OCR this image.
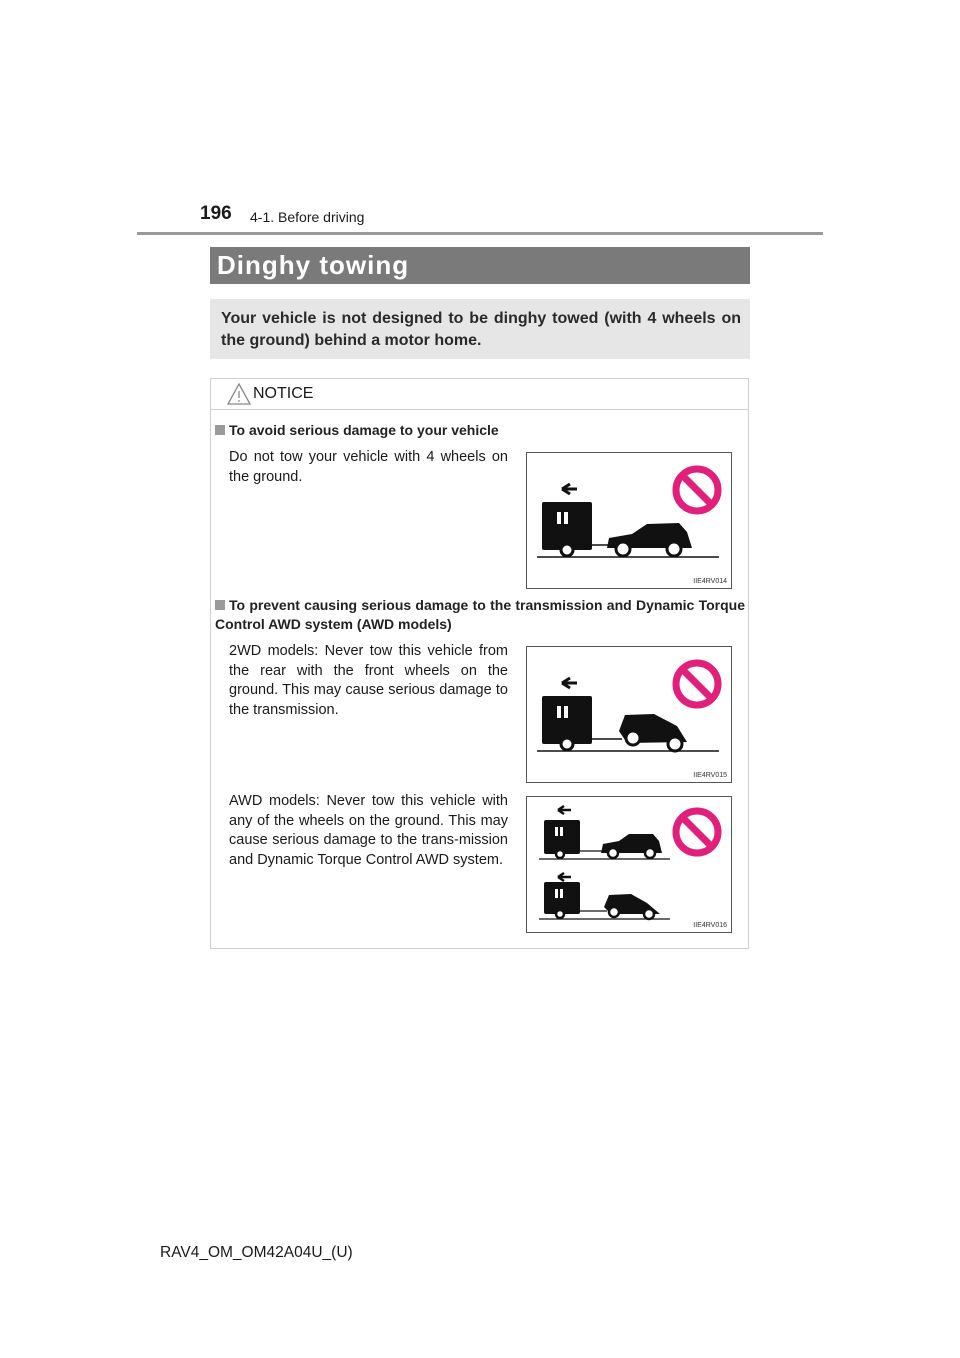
196 4-1. Before driving
Dinghy towing
Your vehicle is not designed to be dinghy towed (with 4 wheels on the ground) behind a motor home.
NOTICE
To avoid serious damage to your vehicle
Do not tow your vehicle with 4 wheels on the ground.
IIE4RV014
To prevent causing serious damage to the transmission and Dynamic Torque Control AWD system (AWD models)
2WD models: Never tow this vehicle from the rear with the front wheels on the ground. This may cause serious damage to the transmission.
IIE4RV015
AWD models: Never tow this vehicle with any of the wheels on the ground. This may cause serious damage to the trans-mission and Dynamic Torque Control AWD system.
IIE4RV016
RAV4_OM_OM42A04U_(U)
